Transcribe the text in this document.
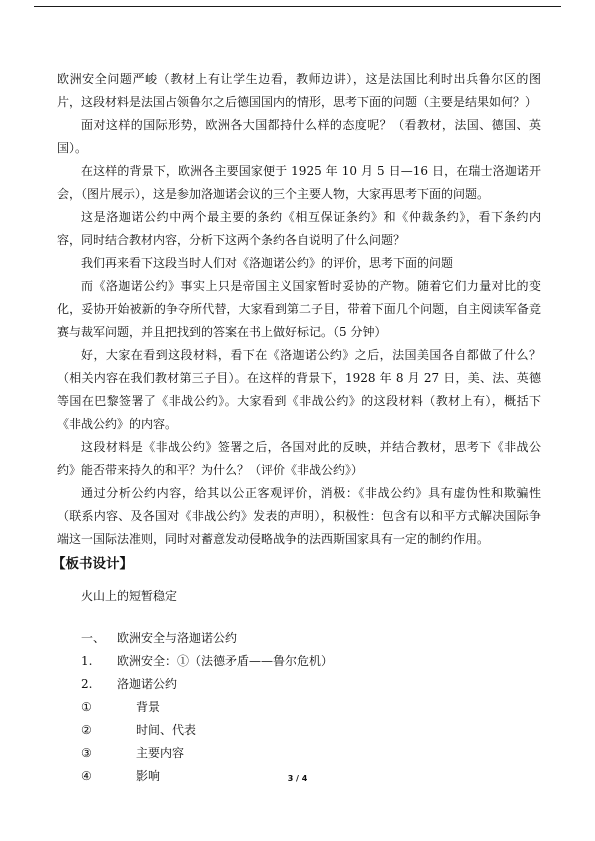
欧洲安全问题严峻（教材上有让学生边看，教师边讲），这是法国比利时出兵鲁尔区的图片，这段材料是法国占领鲁尔之后德国国内的情形，思考下面的问题（主要是结果如何？）

面对这样的国际形势，欧洲各大国都持什么样的态度呢？（看教材，法国、德国、英国）。

在这样的背景下，欧洲各主要国家便于 1925 年 10 月 5 日—16 日，在瑞士洛迦诺开会，（图片展示），这是参加洛迦诺会议的三个主要人物，大家再思考下面的问题。

这是洛迦诺公约中两个最主要的条约《相互保证条约》和《仲裁条约》，看下条约内容，同时结合教材内容，分析下这两个条约各自说明了什么问题？

我们再来看下这段当时人们对《洛迦诺公约》的评价，思考下面的问题

而《洛迦诺公约》事实上只是帝国主义国家暂时妥协的产物。随着它们力量对比的变化，妥协开始被新的争夺所代替，大家看到第二子目，带着下面几个问题，自主阅读军备竞赛与裁军问题，并且把找到的答案在书上做好标记。（5 分钟）

好，大家在看到这段材料，看下在《洛迦诺公约》之后，法国美国各自都做了什么？（相关内容在我们教材第三子目）。在这样的背景下，1928 年 8 月 27 日，美、法、英德等国在巴黎签署了《非战公约》。大家看到《非战公约》的这段材料（教材上有），概括下《非战公约》的内容。

这段材料是《非战公约》签署之后，各国对此的反映，并结合教材，思考下《非战公约》能否带来持久的和平？为什么？（评价《非战公约》）

通过分析公约内容，给其以公正客观评价，消极：《非战公约》具有虚伪性和欺骗性（联系内容、及各国对《非战公约》发表的声明），积极性：包含有以和平方式解决国际争端这一国际法准则，同时对蓄意发动侵略战争的法西斯国家具有一定的制约作用。

【板书设计】
火山上的短暂稳定
一、 欧洲安全与洛迦诺公约
1. 欧洲安全：①（法德矛盾——鲁尔危机）
2. 洛迦诺公约
①	背景
②	时间、代表
③	主要内容
④	影响	3 / 4
